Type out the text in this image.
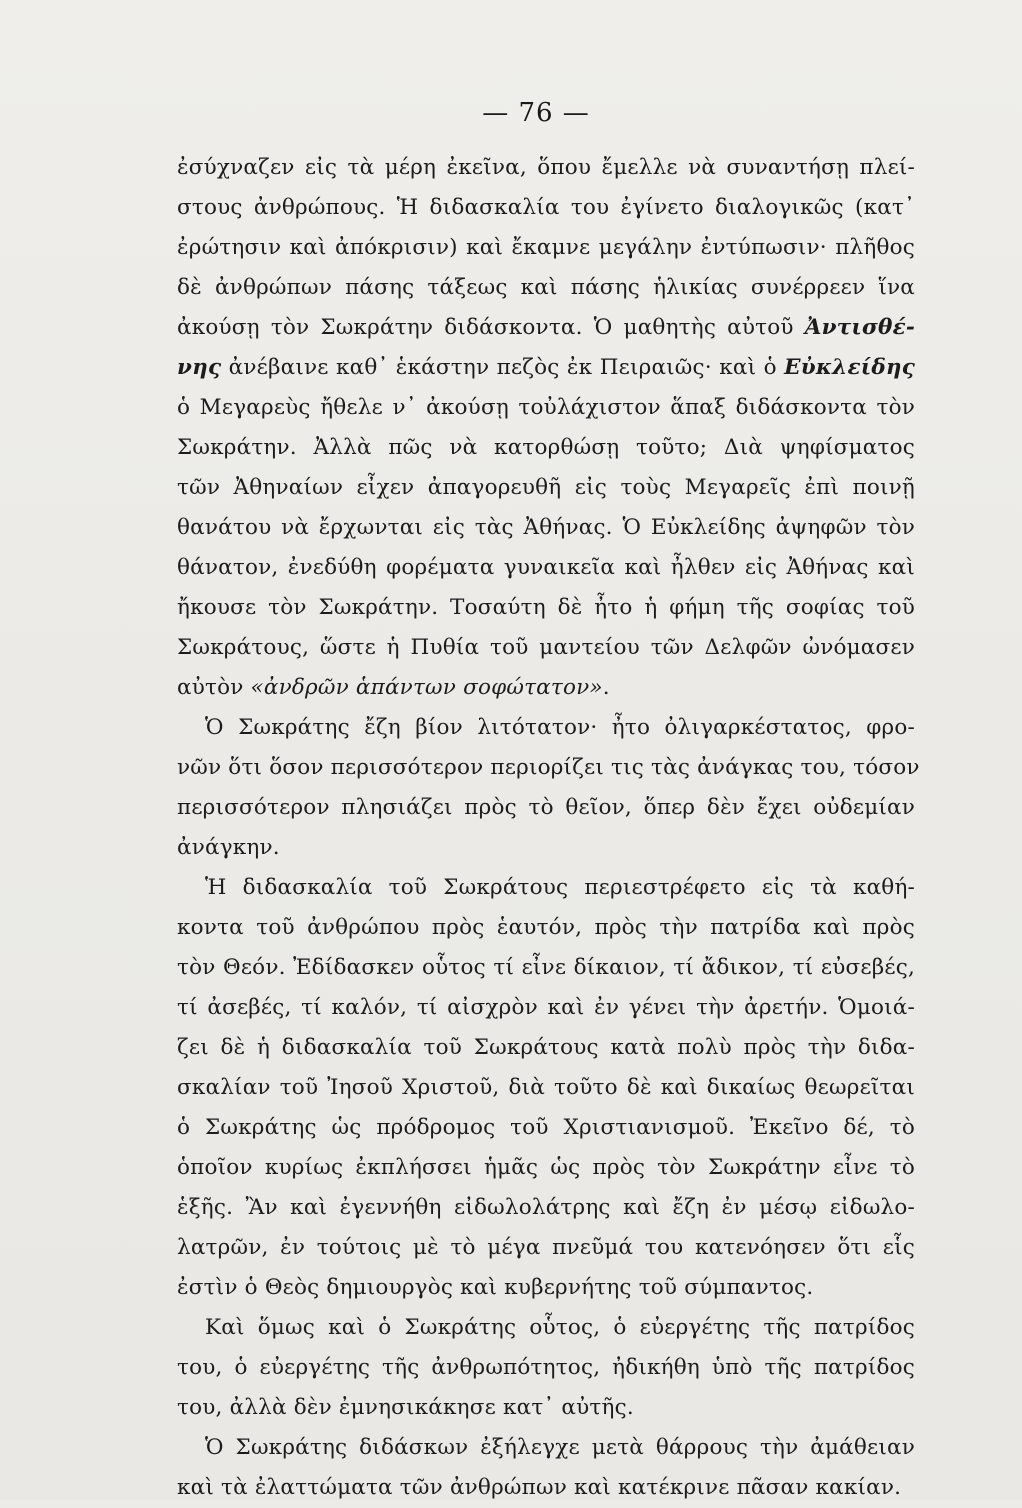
— 76 —
ἐσύχναζεν εἰς τὰ μέρη ἐκεῖνα, ὅπου ἔμελλε νὰ συναντήσῃ πλεί-
στους ἀνθρώπους. Ἡ διδασκαλία του ἐγίνετο διαλογικῶς (κατ᾽
ἐρώτησιν καὶ ἀπόκρισιν) καὶ ἔκαμνε μεγάλην ἐντύπωσιν· πλῆθος
δὲ ἀνθρώπων πάσης τάξεως καὶ πάσης ἡλικίας συνέρρεεν ἵνα
ἀκούσῃ τὸν Σωκράτην διδάσκοντα. Ὁ μαθητὴς αὐτοῦ Ἀντισθέ-
νης ἀνέβαινε καθ᾽ ἑκάστην πεζὸς ἐκ Πειραιῶς· καὶ ὁ Εὐκλείδης
ὁ Μεγαρεὺς ἤθελε ν᾽ ἀκούσῃ τοὐλάχιστον ἅπαξ διδάσκοντα τὸν
Σωκράτην. Ἀλλὰ πῶς νὰ κατορθώσῃ τοῦτο; Διὰ ψηφίσματος
τῶν Ἀθηναίων εἶχεν ἀπαγορευθῆ εἰς τοὺς Μεγαρεῖς ἐπὶ ποινῇ
θανάτου νὰ ἔρχωνται εἰς τὰς Ἀθήνας. Ὁ Εὐκλείδης ἀψηφῶν τὸν
θάνατον, ἐνεδύθη φορέματα γυναικεῖα καὶ ἦλθεν εἰς Ἀθήνας καὶ
ἤκουσε τὸν Σωκράτην. Τοσαύτη δὲ ἦτο ἡ φήμη τῆς σοφίας τοῦ
Σωκράτους, ὥστε ἡ Πυθία τοῦ μαντείου τῶν Δελφῶν ὠνόμασεν
αὐτὸν «ἀνδρῶν ἁπάντων σοφώτατον».
Ὁ Σωκράτης ἔζη βίον λιτότατον· ἦτο ὀλιγαρκέστατος, φρο-
νῶν ὅτι ὅσον περισσότερον περιορίζει τις τὰς ἀνάγκας του, τόσον
περισσότερον πλησιάζει πρὸς τὸ θεῖον, ὅπερ δὲν ἔχει οὐδεμίαν
ἀνάγκην.
Ἡ διδασκαλία τοῦ Σωκράτους περιεστρέφετο εἰς τὰ καθή-
κοντα τοῦ ἀνθρώπου πρὸς ἑαυτόν, πρὸς τὴν πατρίδα καὶ πρὸς
τὸν Θεόν. Ἐδίδασκεν οὗτος τί εἶνε δίκαιον, τί ἄδικον, τί εὐσεβές,
τί ἀσεβές, τί καλόν, τί αἰσχρὸν καὶ ἐν γένει τὴν ἀρετήν. Ὁμοιά-
ζει δὲ ἡ διδασκαλία τοῦ Σωκράτους κατὰ πολὺ πρὸς τὴν διδα-
σκαλίαν τοῦ Ἰησοῦ Χριστοῦ, διὰ τοῦτο δὲ καὶ δικαίως θεωρεῖται
ὁ Σωκράτης ὡς πρόδρομος τοῦ Χριστιανισμοῦ. Ἐκεῖνο δέ, τὸ
ὁποῖον κυρίως ἐκπλήσσει ἡμᾶς ὡς πρὸς τὸν Σωκράτην εἶνε τὸ
ἑξῆς. Ἂν καὶ ἐγεννήθη εἰδωλολάτρης καὶ ἔζη ἐν μέσῳ εἰδωλο-
λατρῶν, ἐν τούτοις μὲ τὸ μέγα πνεῦμά του κατενόησεν ὅτι εἷς
ἐστὶν ὁ Θεὸς δημιουργὸς καὶ κυβερνήτης τοῦ σύμπαντος.
Καὶ ὅμως καὶ ὁ Σωκράτης οὗτος, ὁ εὐεργέτης τῆς πατρίδος
του, ὁ εὐεργέτης τῆς ἀνθρωπότητος, ἠδικήθη ὑπὸ τῆς πατρίδος
του, ἀλλὰ δὲν ἐμνησικάκησε κατ᾽ αὐτῆς.
Ὁ Σωκράτης διδάσκων ἐξήλεγχε μετὰ θάρρους τὴν ἀμάθειαν
καὶ τὰ ἐλαττώματα τῶν ἀνθρώπων καὶ κατέκρινε πᾶσαν κακίαν.
